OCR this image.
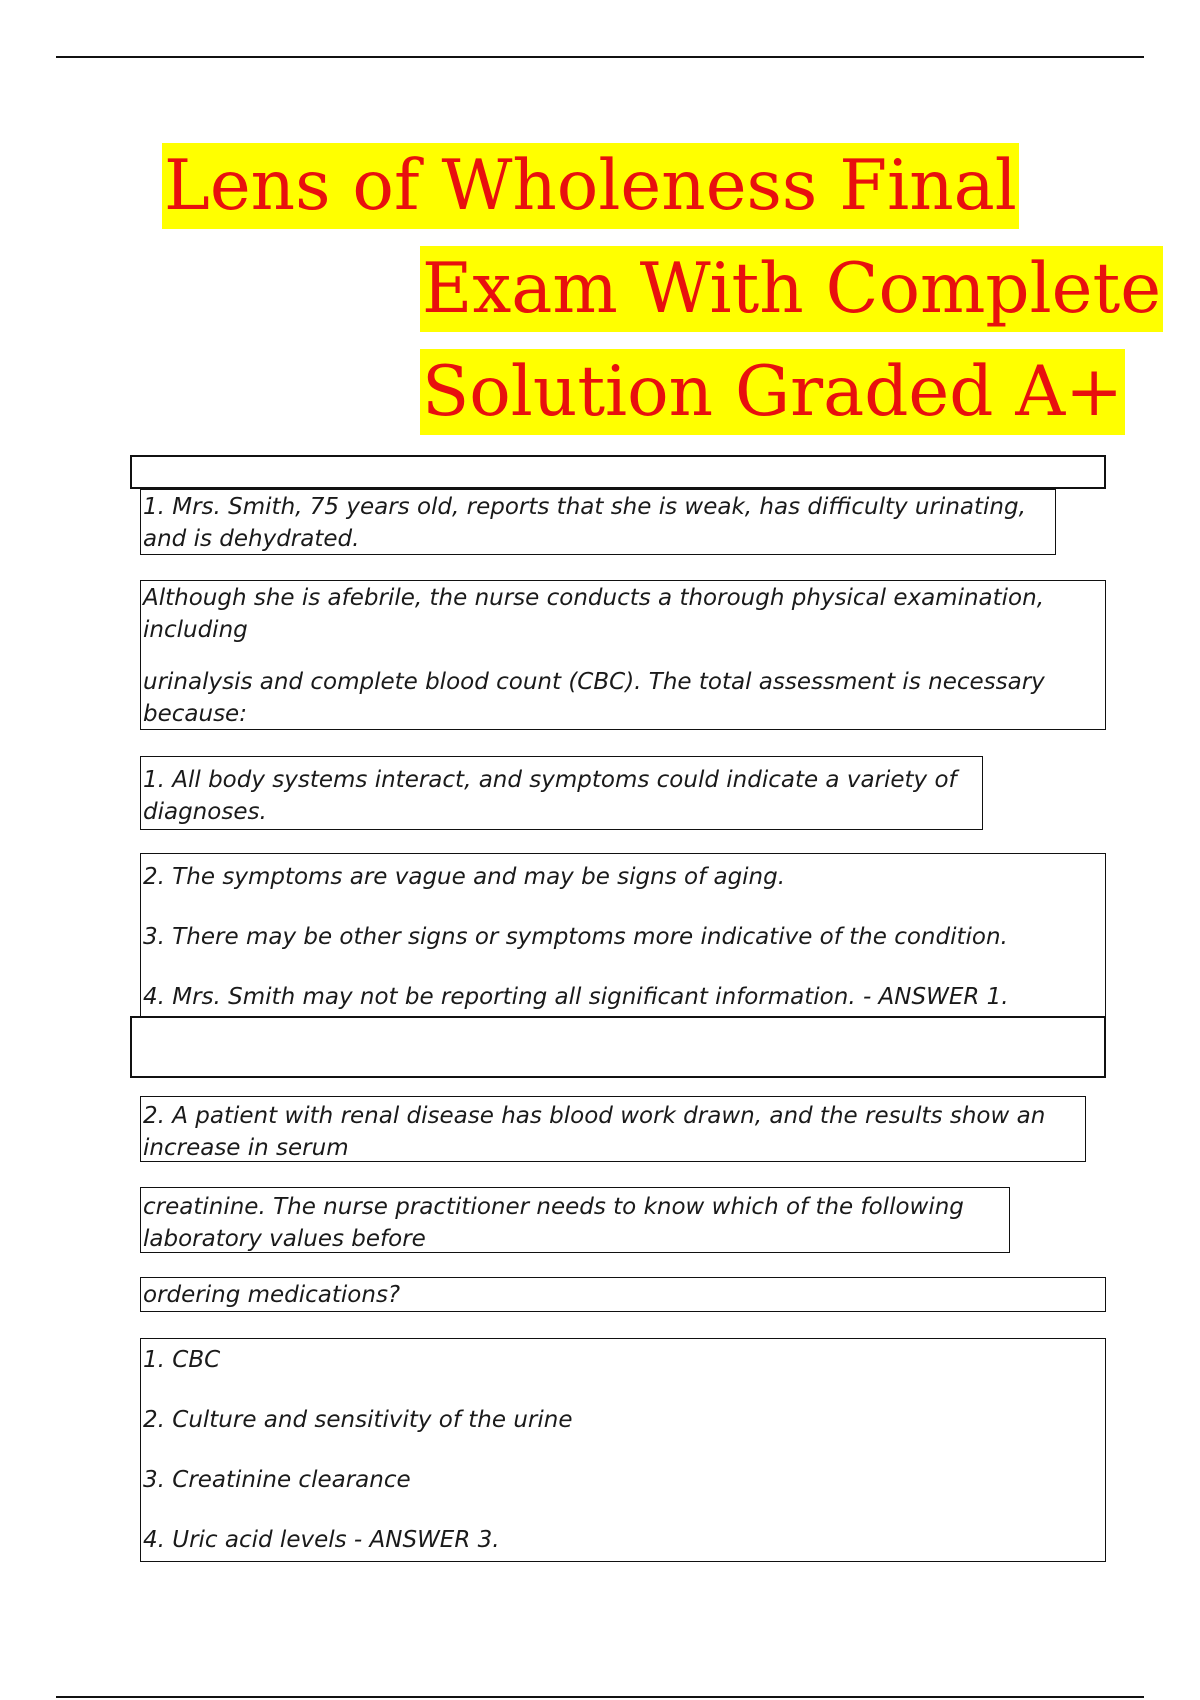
Lens of Wholeness Final
Exam With Complete
Solution Graded A+

1. Mrs. Smith, 75 years old, reports that she is weak, has difficulty urinating, and is dehydrated.

Although she is afebrile, the nurse conducts a thorough physical examination, including

urinalysis and complete blood count (CBC). The total assessment is necessary because:

1. All body systems interact, and symptoms could indicate a variety of diagnoses.

2. The symptoms are vague and may be signs of aging.

3. There may be other signs or symptoms more indicative of the condition.

4. Mrs. Smith may not be reporting all significant information. - ANSWER 1.

2. A patient with renal disease has blood work drawn, and the results show an increase in serum

creatinine. The nurse practitioner needs to know which of the following laboratory values before

ordering medications?

1. CBC

2. Culture and sensitivity of the urine

3. Creatinine clearance

4. Uric acid levels - ANSWER 3.
